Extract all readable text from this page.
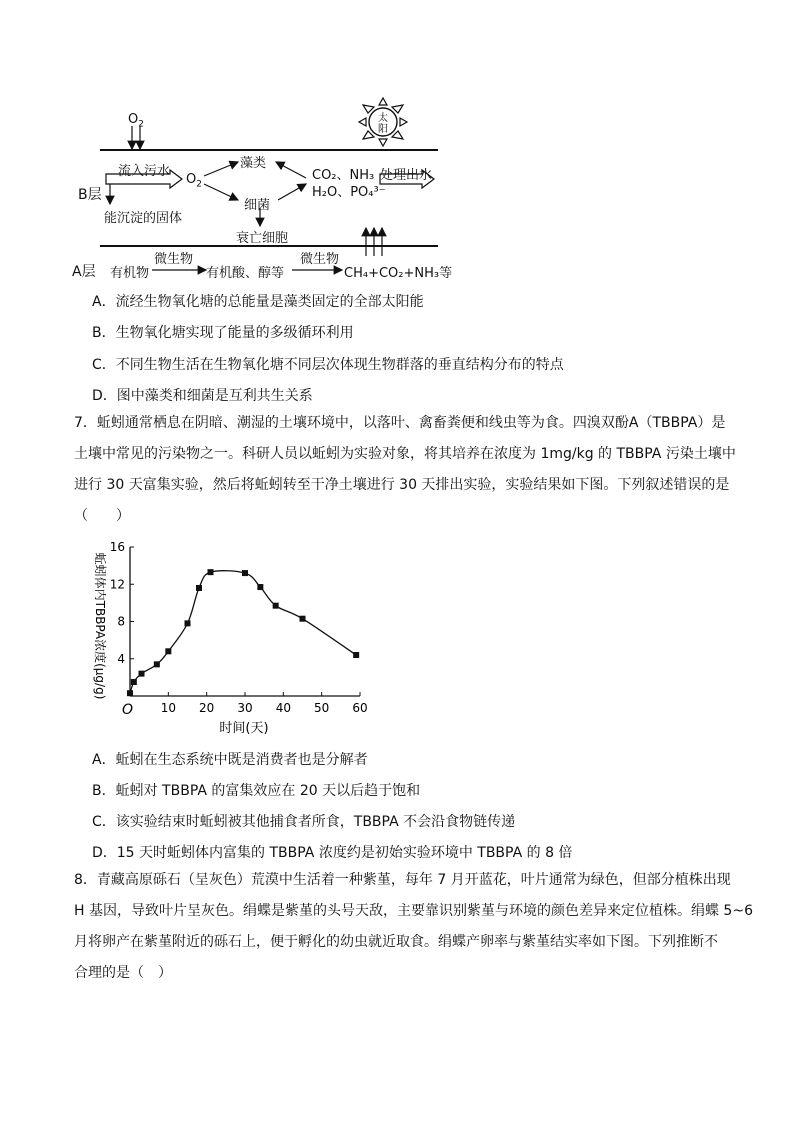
$O_2$
太阳
B层
流入污水
$O_2$
藻类
细菌
衰亡细胞
能沉淀的固体
CO₂、NH₃
H₂O、PO₄³⁻
处理出水
A层 有机物
微生物
有机酸、醇等
微生物
CH₄+CO₂+NH₃等
A．流经生物氧化塘的总能量是藻类固定的全部太阳能
B．生物氧化塘实现了能量的多级循环利用
C．不同生物生活在生物氧化塘不同层次体现生物群落的垂直结构分布的特点
D．图中藻类和细菌是互利共生关系
7．蚯蚓通常栖息在阴暗、潮湿的土壤环境中，以落叶、禽畜粪便和线虫等为食。四溴双酚A（TBBPA）是
土壤中常见的污染物之一。科研人员以蚯蚓为实验对象，将其培养在浓度为 1mg/kg 的 TBBPA 污染土壤中
进行 30 天富集实验，然后将蚯蚓转至干净土壤进行 30 天排出实验，实验结果如下图。下列叙述错误的是
（　　）
10 20 30 40 50 60
4
8
12
16
O
时间(天)
蚯蚓体内TBBPA浓度(μg/g)
A．蚯蚓在生态系统中既是消费者也是分解者
B．蚯蚓对 TBBPA 的富集效应在 20 天以后趋于饱和
C．该实验结束时蚯蚓被其他捕食者所食，TBBPA 不会沿食物链传递
D．15 天时蚯蚓体内富集的 TBBPA 浓度约是初始实验环境中 TBBPA 的 8 倍
8．青藏高原砾石（呈灰色）荒漠中生活着一种紫堇，每年 7 月开蓝花，叶片通常为绿色，但部分植株出现
H 基因，导致叶片呈灰色。绢蝶是紫堇的头号天敌，主要靠识别紫堇与环境的颜色差异来定位植株。绢蝶 5~6
月将卵产在紫堇附近的砾石上，便于孵化的幼虫就近取食。绢蝶产卵率与紫堇结实率如下图。下列推断不
合理的是（　）
